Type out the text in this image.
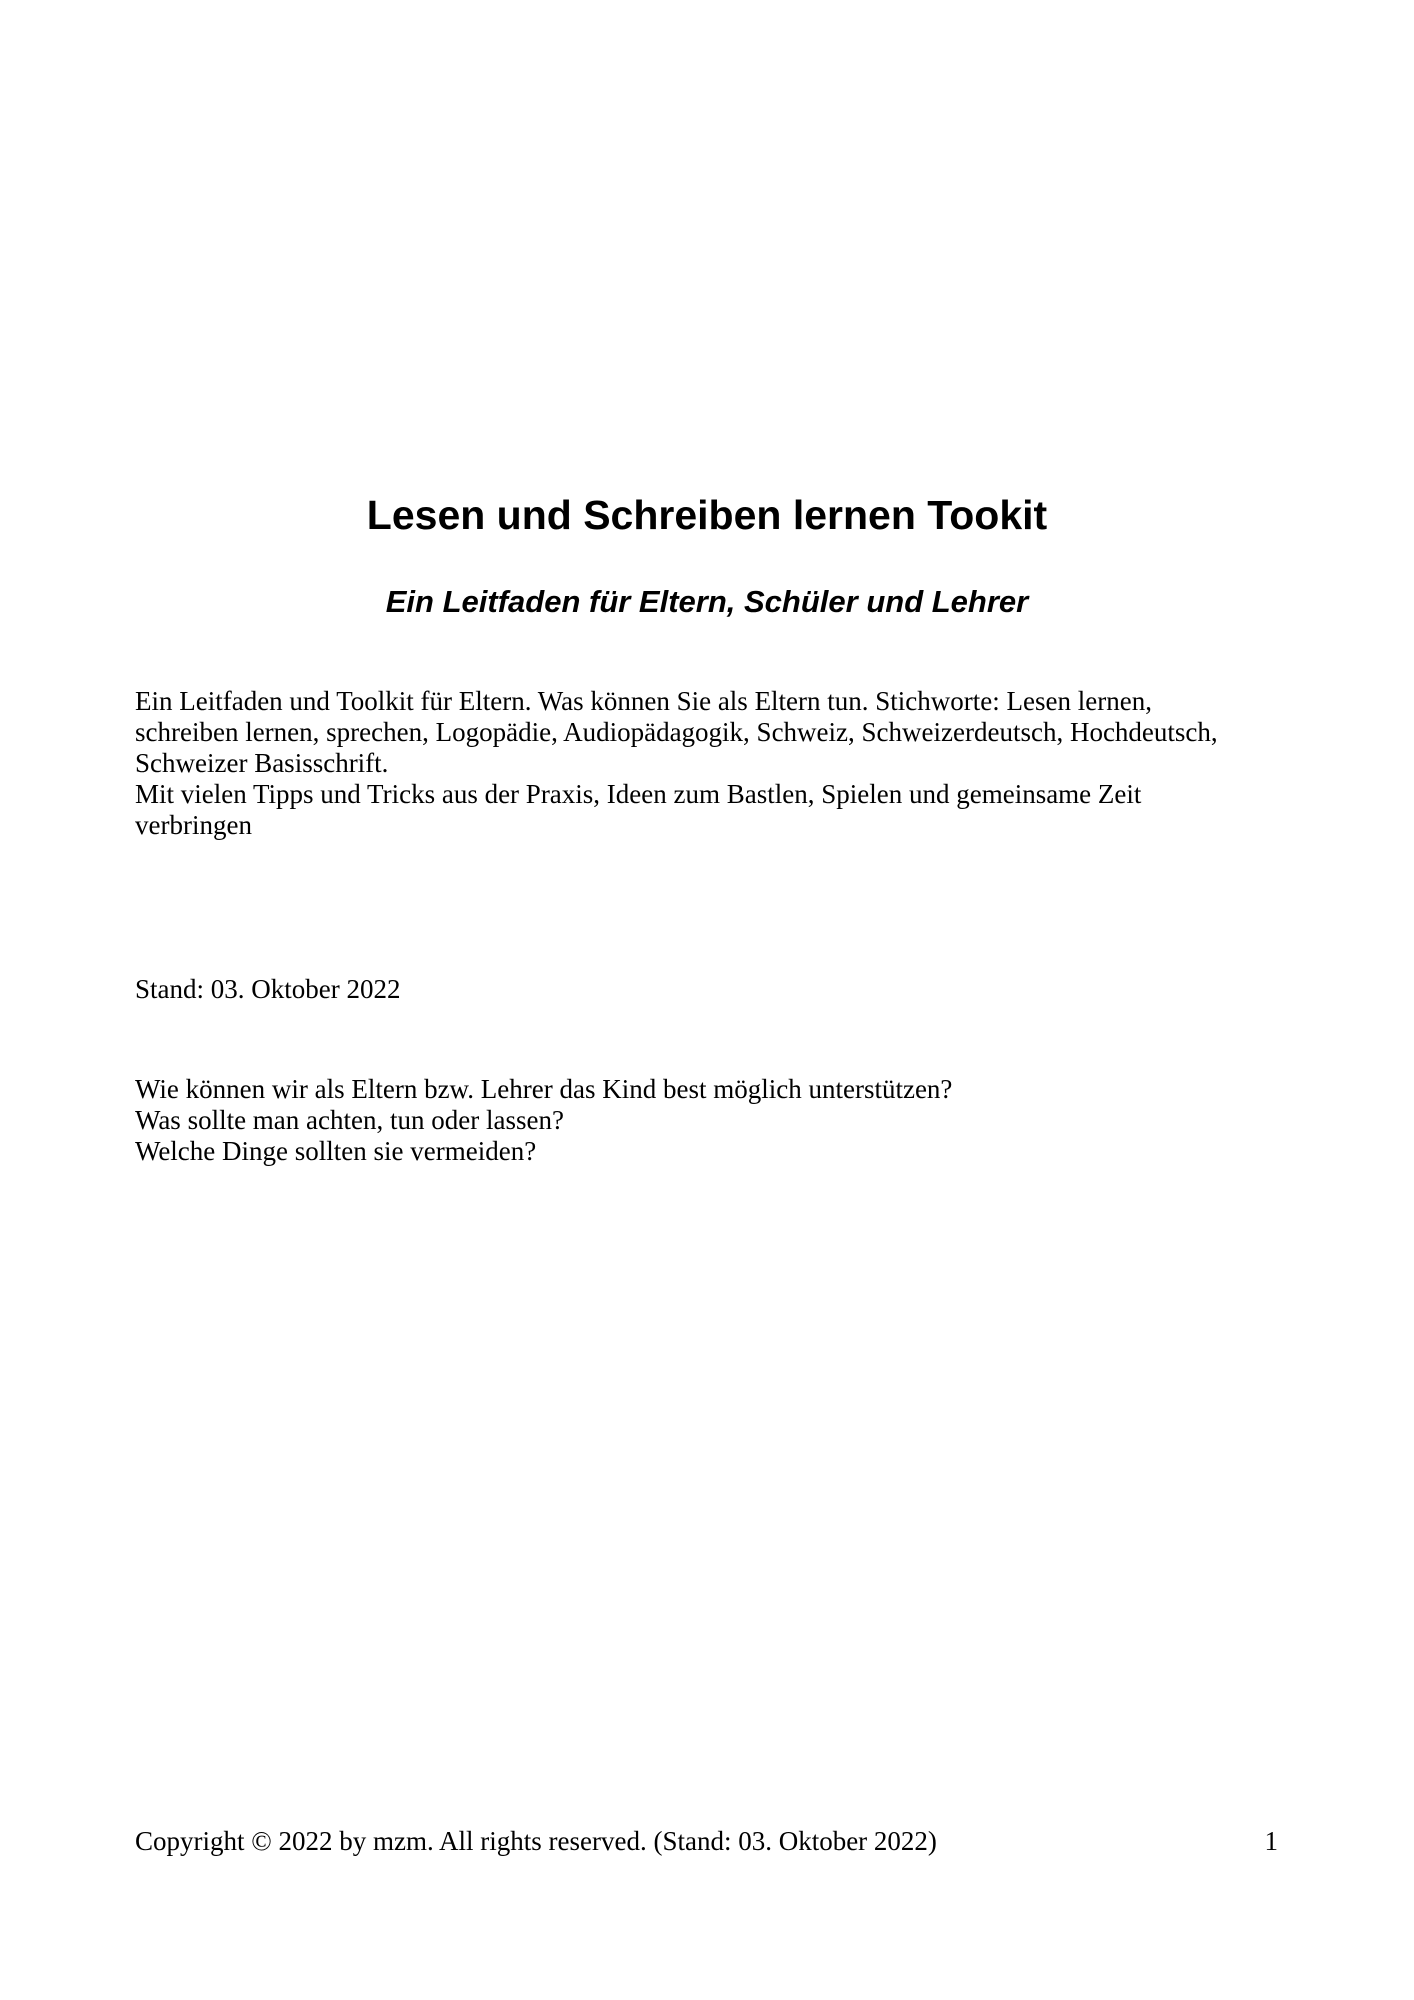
Lesen und Schreiben lernen Tookit
Ein Leitfaden für Eltern, Schüler und Lehrer
Ein Leitfaden und Toolkit für Eltern. Was können Sie als Eltern tun. Stichworte: Lesen lernen,
schreiben lernen, sprechen, Logopädie, Audiopädagogik, Schweiz, Schweizerdeutsch, Hochdeutsch,
Schweizer Basisschrift.
Mit vielen Tipps und Tricks aus der Praxis, Ideen zum Bastlen, Spielen und gemeinsame Zeit
verbringen
Stand: 03. Oktober 2022
Wie können wir als Eltern bzw. Lehrer das Kind best möglich unterstützen?
Was sollte man achten, tun oder lassen?
Welche Dinge sollten sie vermeiden?
Copyright © 2022 by mzm. All rights reserved. (Stand: 03. Oktober 2022)	1
